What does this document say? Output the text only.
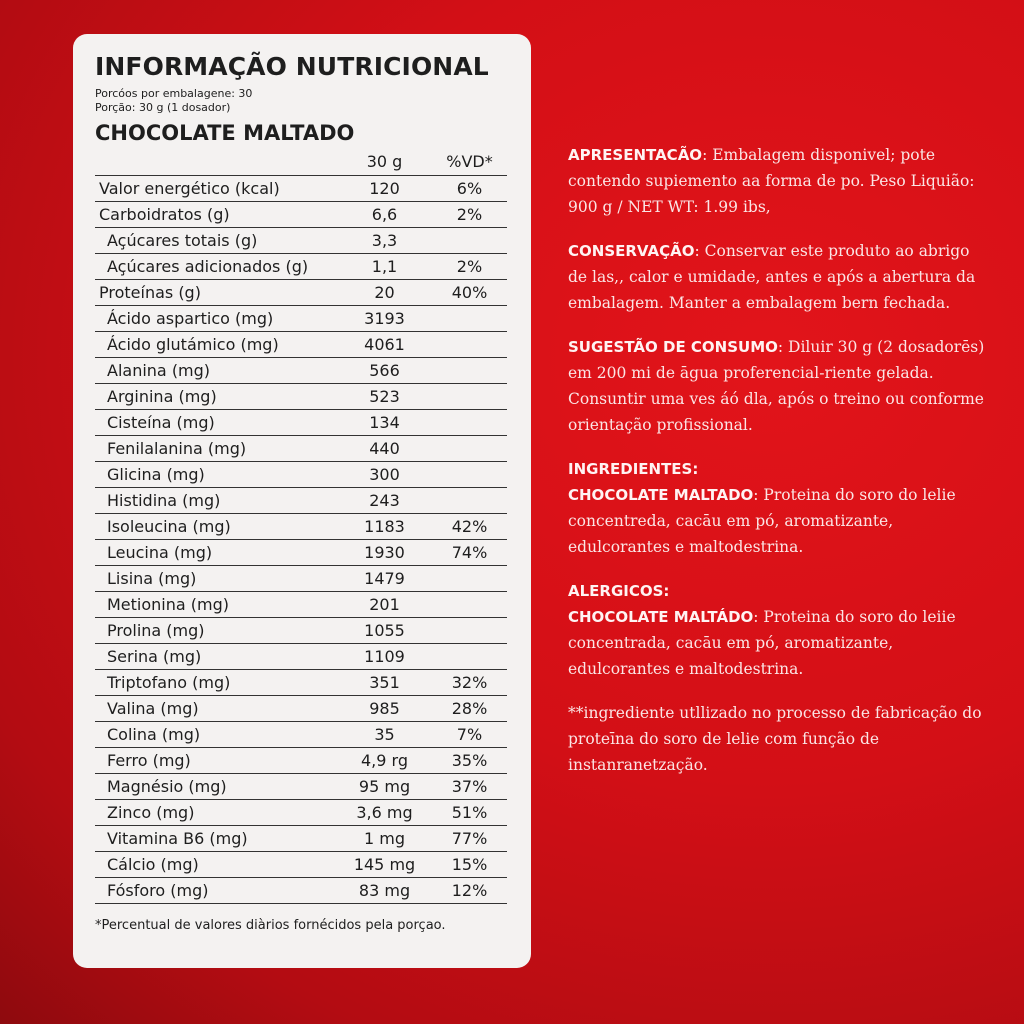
INFORMAÇÃO NUTRICIONAL
Porcóos por embalagene: 30
Porção: 30 g (1 dosador)
CHOCOLATE MALTADO
	30 g	%VD*
Valor energético (kcal)	120	6%
Carboidratos (g)	6,6	2%
Açúcares totais (g)	3,3	
Açúcares adicionados (g)	1,1	2%
Proteínas (g)	20	40%
Ácido aspartico (mg)	3193	
Ácido glutámico (mg)	4061	
Alanina (mg)	566	
Arginina (mg)	523	
Cisteína (mg)	134	
Fenilalanina (mg)	440	
Glicina (mg)	300	
Histidina (mg)	243	
Isoleucina (mg)	1183	42%
Leucina (mg)	1930	74%
Lisina (mg)	1479	
Metionina (mg)	201	
Prolina (mg)	1055	
Serina (mg)	1109	
Triptofano (mg)	351	32%
Valina (mg)	985	28%
Colina (mg)	35	7%
Ferro (mg)	4,9 rg	35%
Magnésio (mg)	95 mg	37%
Zinco (mg)	3,6 mg	51%
Vitamina B6 (mg)	1 mg	77%
Cálcio (mg)	145 mg	15%
Fósforo (mg)	83 mg	12%
*Percentual de valores diàrios fornécidos pela porçao.
APRESENTACÃO: Embalagem disponivel; pote contendo supiemento aa forma de po. Peso Liquião: 900 g / NET WT: 1.99 ibs,
CONSERVAÇÃO: Conservar este produto ao abrigo de las,, calor e umidade, antes e após a abertura da embalagem. Manter a embalagem bern fechada.
SUGESTÃO DE CONSUMO: Diluir 30 g (2 dosadorēs) em 200 mi de āgua proferencial-riente gelada. Consuntir uma ves áó dla, após o treino ou conforme orientação profissional.
INGREDIENTES:
CHOCOLATE MALTADO: Proteina do soro do lelie concentreda, cacāu em pó, aromatizante, edulcorantes e maltodestrina.
ALERGICOS:
CHOCOLATE MALTÁDO: Proteina do soro do leiie concentrada, cacāu em pó, aromatizante, edulcorantes e maltodestrina.
**ingrediente utllizado no processo de fabricação do proteīna do soro de lelie com função de instanranetzação.
